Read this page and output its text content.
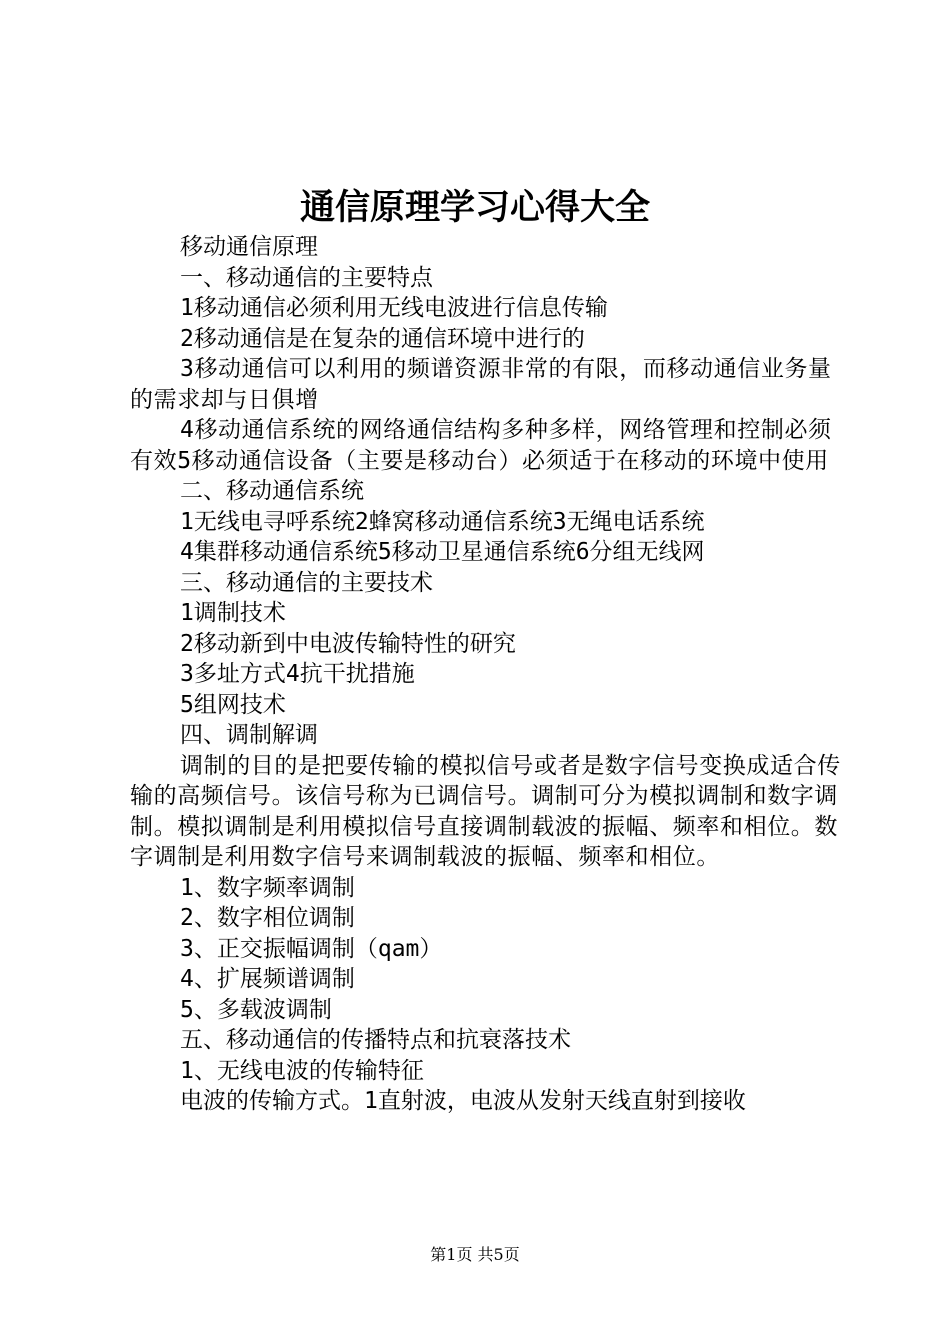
通信原理学习心得大全

移动通信原理

一、移动通信的主要特点

1移动通信必须利用无线电波进行信息传输

2移动通信是在复杂的通信环境中进行的

3移动通信可以利用的频谱资源非常的有限，而移动通信业务量的需求却与日俱增

4移动通信系统的网络通信结构多种多样，网络管理和控制必须有效5移动通信设备（主要是移动台）必须适于在移动的环境中使用

二、移动通信系统

1无线电寻呼系统2蜂窝移动通信系统3无绳电话系统

4集群移动通信系统5移动卫星通信系统6分组无线网

三、移动通信的主要技术

1调制技术

2移动新到中电波传输特性的研究

3多址方式4抗干扰措施

5组网技术

四、调制解调

调制的目的是把要传输的模拟信号或者是数字信号变换成适合传输的高频信号。该信号称为已调信号。调制可分为模拟调制和数字调制。模拟调制是利用模拟信号直接调制载波的振幅、频率和相位。数字调制是利用数字信号来调制载波的振幅、频率和相位。

1、数字频率调制

2、数字相位调制

3、正交振幅调制（qam）

4、扩展频谱调制

5、多载波调制

五、移动通信的传播特点和抗衰落技术

1、无线电波的传输特征

电波的传输方式。1直射波，电波从发射天线直射到接收

第1页 共5页
